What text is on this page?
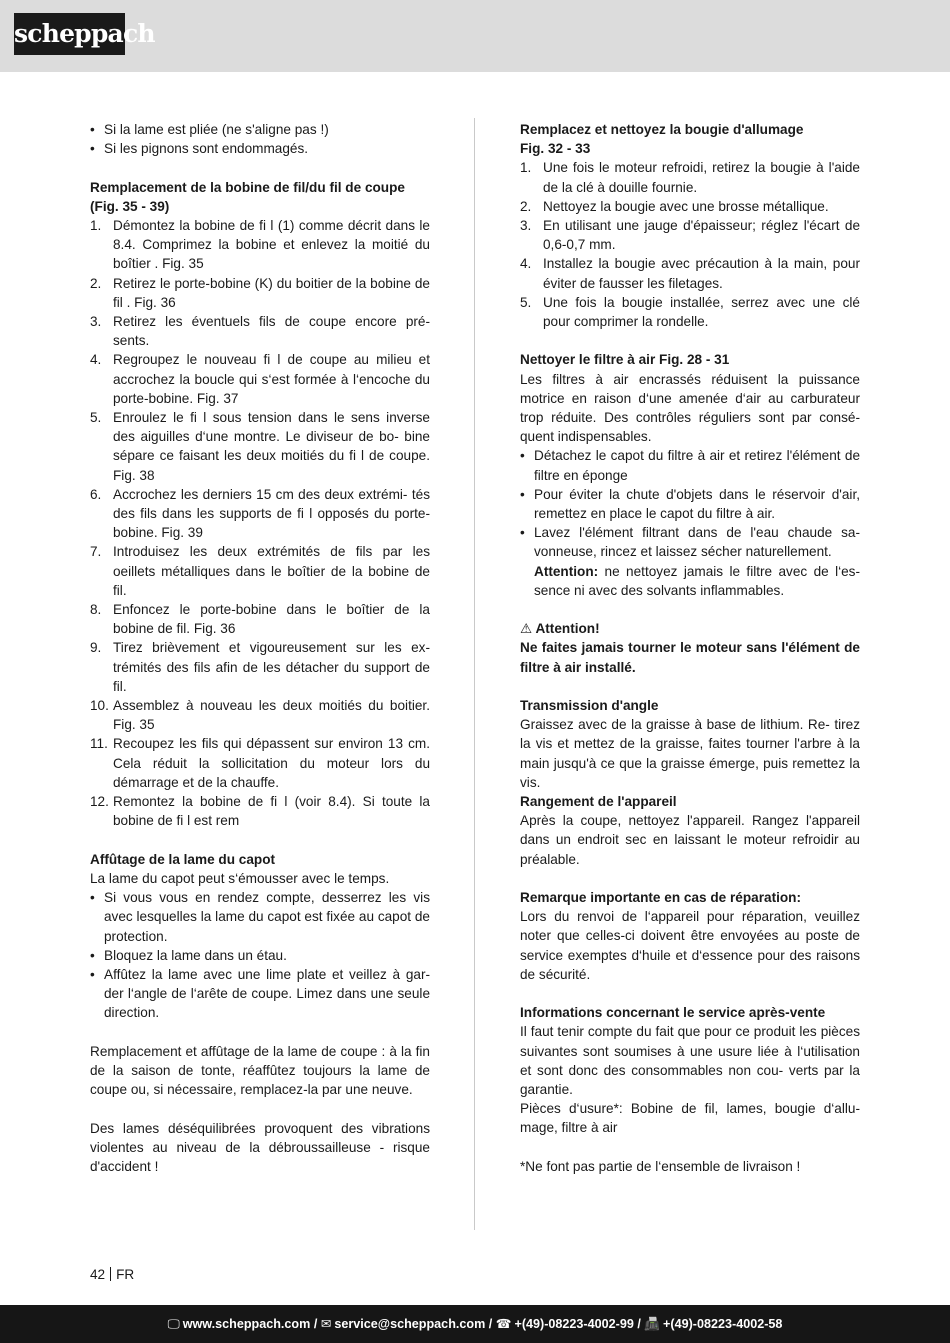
scheppach
• Si la lame est pliée (ne s'aligne pas !)
• Si les pignons sont endommagés.

Remplacement de la bobine de fil/du fil de coupe

(Fig. 35 - 39)

1. Démontez la bobine de fi l (1) comme décrit dans le 8.4. Comprimez la bobine et enlevez la moitié du boîtier . Fig. 35
2. Retirez le porte-bobine (K) du boitier de la bobine de fil . Fig. 36
3. Retirez les éventuels fils de coupe encore pré- sents.
4. Regroupez le nouveau fi l de coupe au milieu et accrochez la boucle qui s‘est formée à l‘encoche du porte-bobine. Fig. 37
5. Enroulez le fi l sous tension dans le sens inverse des aiguilles d‘une montre. Le diviseur de bo- bine sépare ce faisant les deux moitiés du fi l de coupe. Fig. 38
6. Accrochez les derniers 15 cm des deux extrémi- tés des fils dans les supports de fi l opposés du porte-bobine. Fig. 39
7. Introduisez les deux extrémités de fils par les oeillets métalliques dans le boîtier de la bobine de fil.
8. Enfoncez le porte-bobine dans le boîtier de la bobine de fil. Fig. 36
9. Tirez brièvement et vigoureusement sur les ex- trémités des fils afin de les détacher du support de fil.
10. Assemblez à nouveau les deux moitiés du boitier. Fig. 35
11. Recoupez les fils qui dépassent sur environ 13 cm. Cela réduit la sollicitation du moteur lors du démarrage et de la chauffe.
12. Remontez la bobine de fi l (voir 8.4). Si toute la bobine de fi l est rem

Affûtage de la lame du capot

La lame du capot peut s‘émousser avec le temps.

• Si vous vous en rendez compte, desserrez les vis avec lesquelles la lame du capot est fixée au capot de protection.
• Bloquez la lame dans un étau.
• Affûtez la lame avec une lime plate et veillez à gar- der l‘angle de l‘arête de coupe. Limez dans une seule direction.

Remplacement et affûtage de la lame de coupe : à la fin de la saison de tonte, réaffûtez toujours la lame de coupe ou, si nécessaire, remplacez-la par une neuve.

Des lames déséquilibrées provoquent des vibrations violentes au niveau de la débroussailleuse - risque d'accident !

Remplacez et nettoyez la bougie d'allumage

Fig. 32 - 33

1. Une fois le moteur refroidi, retirez la bougie à l'aide de la clé à douille fournie.
2. Nettoyez la bougie avec une brosse métallique.
3. En utilisant une jauge d'épaisseur; réglez l'écart de 0,6-0,7 mm.
4. Installez la bougie avec précaution à la main, pour éviter de fausser les filetages.
5. Une fois la bougie installée, serrez avec une clé pour comprimer la rondelle.

Nettoyer le filtre à air Fig. 28 - 31

Les filtres à air encrassés réduisent la puissance motrice en raison d‘une amenée d‘air au carburateur trop réduite. Des contrôles réguliers sont par consé- quent indispensables.

• Détachez le capot du filtre à air et retirez l'élément de filtre en éponge
• Pour éviter la chute d'objets dans le réservoir d'air, remettez en place le capot du filtre à air.
• Lavez l'élément filtrant dans de l'eau chaude sa- vonneuse, rincez et laissez sécher naturellement.

Attention: ne nettoyez jamais le filtre avec de l‘es- sence ni avec des solvants inflammables.

⚠ Attention!

Ne faites jamais tourner le moteur sans l'élément de filtre à air installé.

Transmission d'angle

Graissez avec de la graisse à base de lithium. Re- tirez la vis et mettez de la graisse, faites tourner l'arbre à la main jusqu'à ce que la graisse émerge, puis remettez la vis.

Rangement de l'appareil

Après la coupe, nettoyez l'appareil. Rangez l'appareil dans un endroit sec en laissant le moteur refroidir au préalable.

Remarque importante en cas de réparation:

Lors du renvoi de l‘appareil pour réparation, veuillez noter que celles-ci doivent être envoyées au poste de service exemptes d‘huile et d‘essence pour des raisons de sécurité.

Informations concernant le service après-vente

Il faut tenir compte du fait que pour ce produit les pièces suivantes sont soumises à une usure liée à l‘utilisation et sont donc des consommables non cou- verts par la garantie.

Pièces d‘usure*: Bobine de fil, lames, bougie d‘allu- mage, filtre à air

*Ne font pas partie de l‘ensemble de livraison !

42 FR
🖵 www.scheppach.com / ✉ service@scheppach.com / ☎ +(49)-08223-4002-99 / 📠 +(49)-08223-4002-58
